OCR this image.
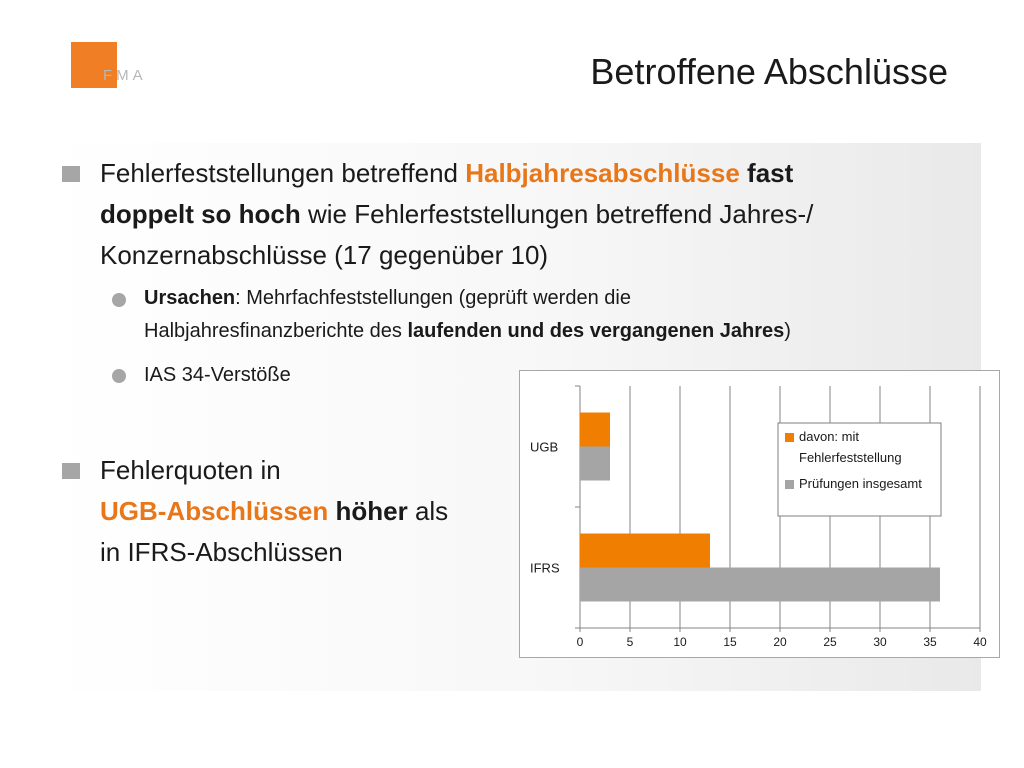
FMA	Betroffene Abschlüsse
Fehlerfeststellungen betreffend Halbjahresabschlüsse fast
doppelt so hoch wie Fehlerfeststellungen betreffend Jahres-/
Konzernabschlüsse (17 gegenüber 10)
Ursachen: Mehrfachfeststellungen (geprüft werden die
Halbjahresfinanzberichte des laufenden und des vergangenen Jahres)
IAS 34-Verstöße
Fehlerquoten in
UGB-Abschlüssen höher als
in IFRS-Abschlüssen
UGB
IFRS
0	5	10	15	20	25	30	35	40
davon: mit
Fehlerfeststellung
Prüfungen insgesamt
